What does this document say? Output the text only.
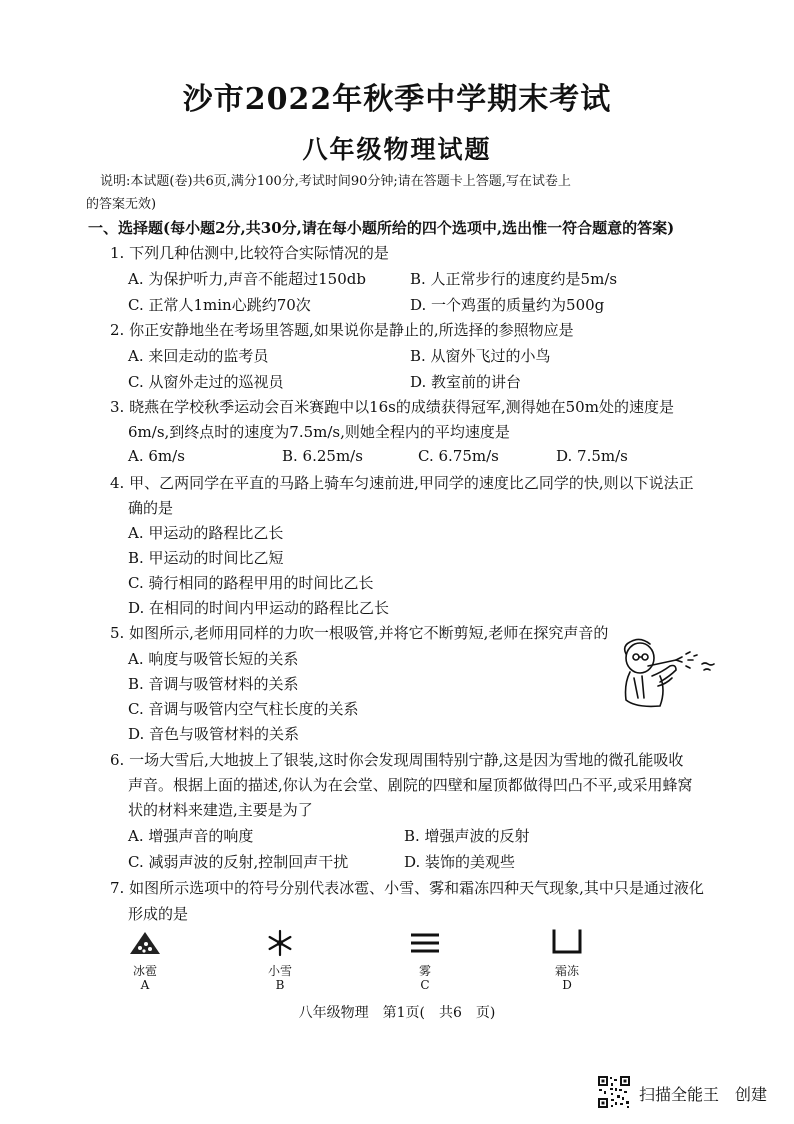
沙市2022年秋季中学期末考试
八年级物理试题
说明:本试题(卷)共6页,满分100分,考试时间90分钟;请在答题卡上答题,写在试卷上
的答案无效)
一、选择题(每小题2分,共30分,请在每小题所给的四个选项中,选出惟一符合题意的答案)
1. 下列几种估测中,比较符合实际情况的是
A. 为保护听力,声音不能超过150db	B. 人正常步行的速度约是5m/s
C. 正常人1min心跳约70次	D. 一个鸡蛋的质量约为500g
2. 你正安静地坐在考场里答题,如果说你是静止的,所选择的参照物应是
A. 来回走动的监考员	B. 从窗外飞过的小鸟
C. 从窗外走过的巡视员	D. 教室前的讲台
3. 晓燕在学校秋季运动会百米赛跑中以16s的成绩获得冠军,测得她在50m处的速度是
6m/s,到终点时的速度为7.5m/s,则她全程内的平均速度是
A. 6m/s	B. 6.25m/s	C. 6.75m/s	D. 7.5m/s
4. 甲、乙两同学在平直的马路上骑车匀速前进,甲同学的速度比乙同学的快,则以下说法正
确的是
A. 甲运动的路程比乙长
B. 甲运动的时间比乙短
C. 骑行相同的路程甲用的时间比乙长
D. 在相同的时间内甲运动的路程比乙长
5. 如图所示,老师用同样的力吹一根吸管,并将它不断剪短,老师在探究声音的
A. 响度与吸管长短的关系
B. 音调与吸管材料的关系
C. 音调与吸管内空气柱长度的关系
D. 音色与吸管材料的关系
6. 一场大雪后,大地披上了银装,这时你会发现周围特别宁静,这是因为雪地的微孔能吸收
声音。根据上面的描述,你认为在会堂、剧院的四壁和屋顶都做得凹凸不平,或采用蜂窝
状的材料来建造,主要是为了
A. 增强声音的响度	B. 增强声波的反射
C. 减弱声波的反射,控制回声干扰	D. 装饰的美观些
7. 如图所示选项中的符号分别代表冰雹、小雪、雾和霜冻四种天气现象,其中只是通过液化
形成的是
冰雹
A
小雪
B
雾
C
霜冻
D
八年级物理　第1页(　共6　页)
扫描全能王　创建
